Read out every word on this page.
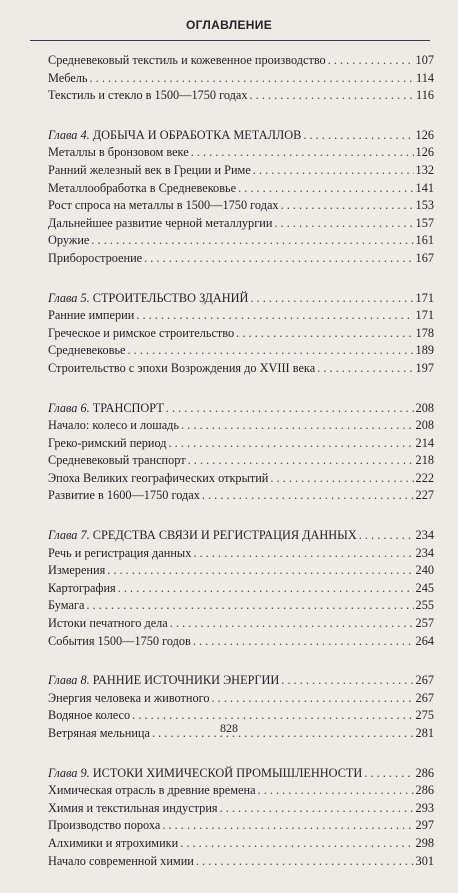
ОГЛАВЛЕНИЕ
Средневековый текстиль и кожевенное производство . . .	107
Мебель . . .	114
Текстиль и стекло в 1500—1750 годах . . .	116
Глава 4. ДОБЫЧА И ОБРАБОТКА МЕТАЛЛОВ . . .	126
Металлы в бронзовом веке . . .	126
Ранний железный век в Греции и Риме . . .	132
Металлообработка в Средневековье . . .	141
Рост спроса на металлы в 1500—1750 годах . . .	153
Дальнейшее развитие черной металлургии . . .	157
Оружие . . .	161
Приборостроение . . .	167
Глава 5. СТРОИТЕЛЬСТВО ЗДАНИЙ . . .	171
Ранние империи . . .	171
Греческое и римское строительство . . .	178
Средневековье . . .	189
Строительство с эпохи Возрождения до XVIII века . . .	197
Глава 6. ТРАНСПОРТ . . .	208
Начало: колесо и лошадь . . .	208
Греко-римский период . . .	214
Средневековый транспорт . . .	218
Эпоха Великих географических открытий . . .	222
Развитие в 1600—1750 годах . . .	227
Глава 7. СРЕДСТВА СВЯЗИ И РЕГИСТРАЦИЯ ДАННЫХ . . .	234
Речь и регистрация данных . . .	234
Измерения . . .	240
Картография . . .	245
Бумага . . .	255
Истоки печатного дела . . .	257
События 1500—1750 годов . . .	264
Глава 8. РАННИЕ ИСТОЧНИКИ ЭНЕРГИИ . . .	267
Энергия человека и животного . . .	267
Водяное колесо . . .	275
Ветряная мельница . . .	281
Глава 9. ИСТОКИ ХИМИЧЕСКОЙ ПРОМЫШЛЕННОСТИ . . .	286
Химическая отрасль в древние времена . . .	286
Химия и текстильная индустрия . . .	293
Производство пороха . . .	297
Алхимики и ятрохимики . . .	298
Начало современной химии . . .	301
828
